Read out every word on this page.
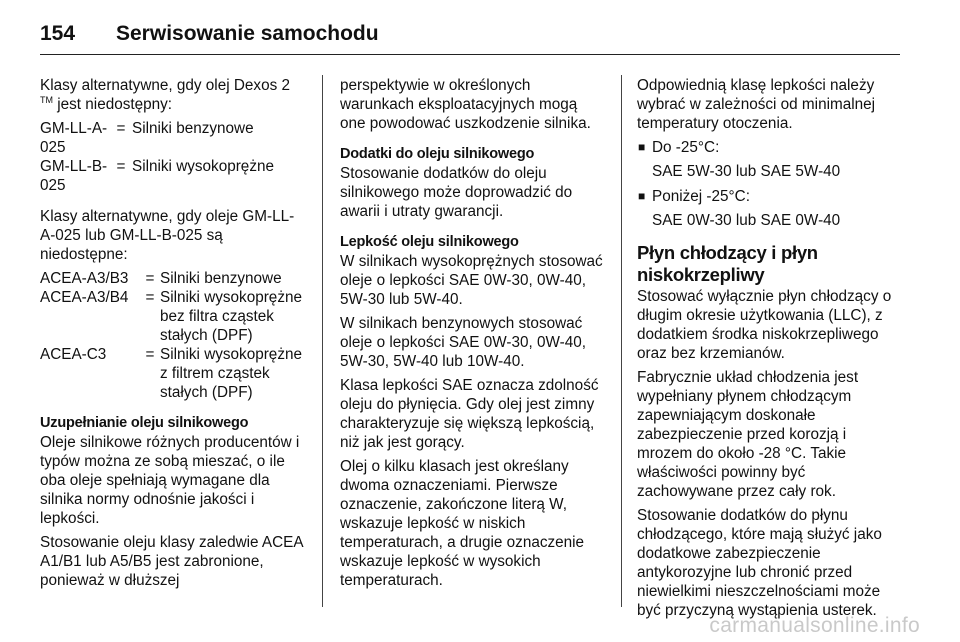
154	Serwisowanie samochodu

Klasy alternatywne, gdy olej Dexos 2 ™ jest niedostępny:

GM-LL-A-025	=	Silniki benzynowe
GM-LL-B-025	=	Silniki wysokoprężne

Klasy alternatywne, gdy oleje GM-LL-A-025 lub GM-LL-B-025 są niedostępne:

ACEA-A3/B3	=	Silniki benzynowe
ACEA-A3/B4	=	Silniki wysokoprężne bez filtra cząstek stałych (DPF)
ACEA-C3	=	Silniki wysokoprężne z filtrem cząstek stałych (DPF)
Uzupełnianie oleju silnikowego

Oleje silnikowe różnych producentów i typów można ze sobą mieszać, o ile oba oleje spełniają wymagane dla silnika normy odnośnie jakości i lepkości.

Stosowanie oleju klasy zaledwie ACEA A1/B1 lub A5/B5 jest zabronione, ponieważ w dłuższej

perspektywie w określonych warunkach eksploatacyjnych mogą one powodować uszkodzenie silnika.

Dodatki do oleju silnikowego

Stosowanie dodatków do oleju silnikowego może doprowadzić do awarii i utraty gwarancji.

Lepkość oleju silnikowego

W silnikach wysokoprężnych stosować oleje o lepkości SAE 0W-30, 0W-40, 5W-30 lub 5W-40.

W silnikach benzynowych stosować oleje o lepkości SAE 0W-30, 0W-40, 5W-30, 5W-40 lub 10W-40.

Klasa lepkości SAE oznacza zdolność oleju do płynięcia. Gdy olej jest zimny charakteryzuje się większą lepkością, niż jak jest gorący.

Olej o kilku klasach jest określany dwoma oznaczeniami. Pierwsze oznaczenie, zakończone literą W, wskazuje lepkość w niskich temperaturach, a drugie oznaczenie wskazuje lepkość w wysokich temperaturach.

Odpowiednią klasę lepkości należy wybrać w zależności od minimalnej temperatury otoczenia.

■ Do -25°C:
SAE 5W-30 lub SAE 5W-40
■ Poniżej -25°C:
SAE 0W-30 lub SAE 0W-40
Płyn chłodzący i płyn niskokrzepliwy

Stosować wyłącznie płyn chłodzący o długim okresie użytkowania (LLC), z dodatkiem środka niskokrzepliwego oraz bez krzemianów.

Fabrycznie układ chłodzenia jest wypełniany płynem chłodzącym zapewniającym doskonałe zabezpieczenie przed korozją i mrozem do około -28 °C. Takie właściwości powinny być zachowywane przez cały rok.

Stosowanie dodatków do płynu chłodzącego, które mają służyć jako dodatkowe zabezpieczenie antykorozyjne lub chronić przed niewielkimi nieszczelnościami może być przyczyną wystąpienia usterek.

carmanualsonline.info
